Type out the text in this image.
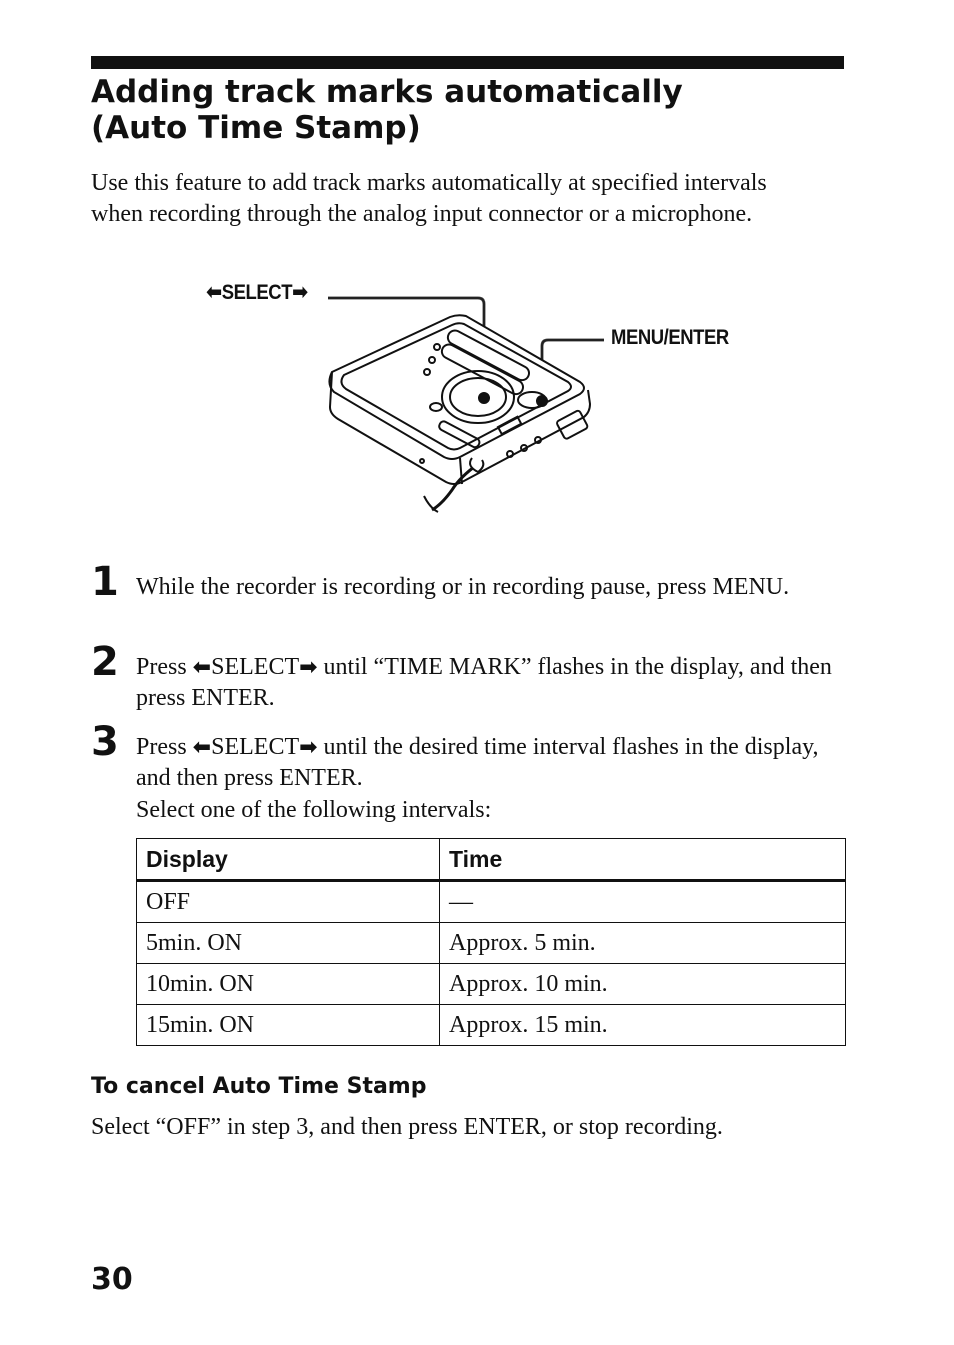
Adding track marks automatically
(Auto Time Stamp)

Use this feature to add track marks automatically at specified intervals when recording through the analog input connector or a microphone.

⬅SELECT➡
MENU/ENTER
1 While the recorder is recording or in recording pause, press MENU.

2 Press ⬅SELECT➡ until “TIME MARK” flashes in the display, and then press ENTER.

3 Press ⬅SELECT➡ until the desired time interval flashes in the display, and then press ENTER.

Select one of the following intervals:

Display	Time
OFF	—
5min. ON	Approx. 5 min.
10min. ON	Approx. 10 min.
15min. ON	Approx. 15 min.
To cancel Auto Time Stamp

Select “OFF” in step 3, and then press ENTER, or stop recording.

30
